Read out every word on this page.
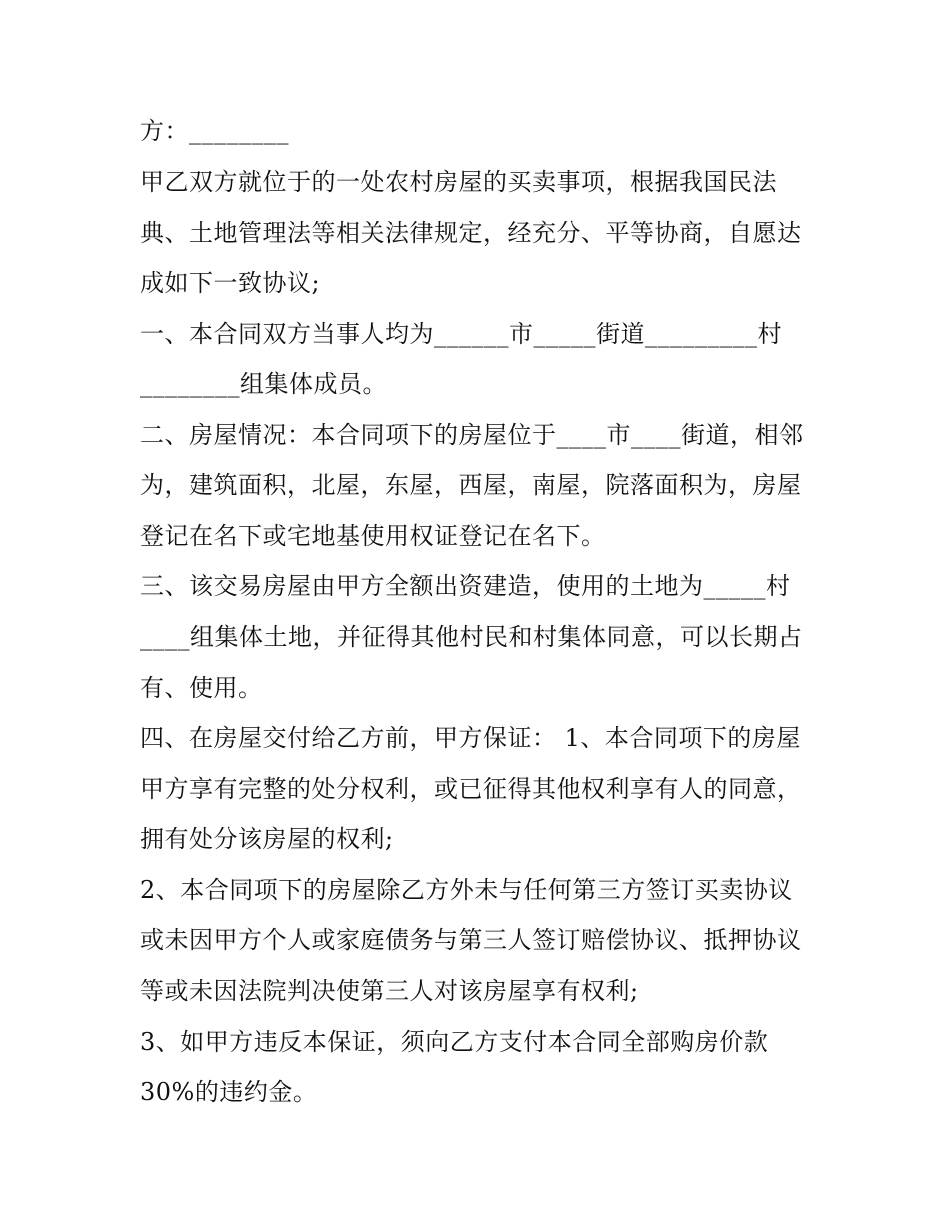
方：________
甲乙双方就位于的一处农村房屋的买卖事项，根据我国民法
典、土地管理法等相关法律规定，经充分、平等协商，自愿达
成如下一致协议;
一、本合同双方当事人均为______市_____街道_________村
________组集体成员。
二、房屋情况：本合同项下的房屋位于____市____街道，相邻
为，建筑面积，北屋，东屋，西屋，南屋，院落面积为，房屋
登记在名下或宅地基使用权证登记在名下。
三、该交易房屋由甲方全额出资建造，使用的土地为_____村
____组集体土地，并征得其他村民和村集体同意，可以长期占
有、使用。
四、在房屋交付给乙方前，甲方保证： 1、本合同项下的房屋
甲方享有完整的处分权利，或已征得其他权利享有人的同意，
拥有处分该房屋的权利;
2、本合同项下的房屋除乙方外未与任何第三方签订买卖协议
或未因甲方个人或家庭债务与第三人签订赔偿协议、抵押协议
等或未因法院判决使第三人对该房屋享有权利;
3、如甲方违反本保证，须向乙方支付本合同全部购房价款
30%的违约金。
